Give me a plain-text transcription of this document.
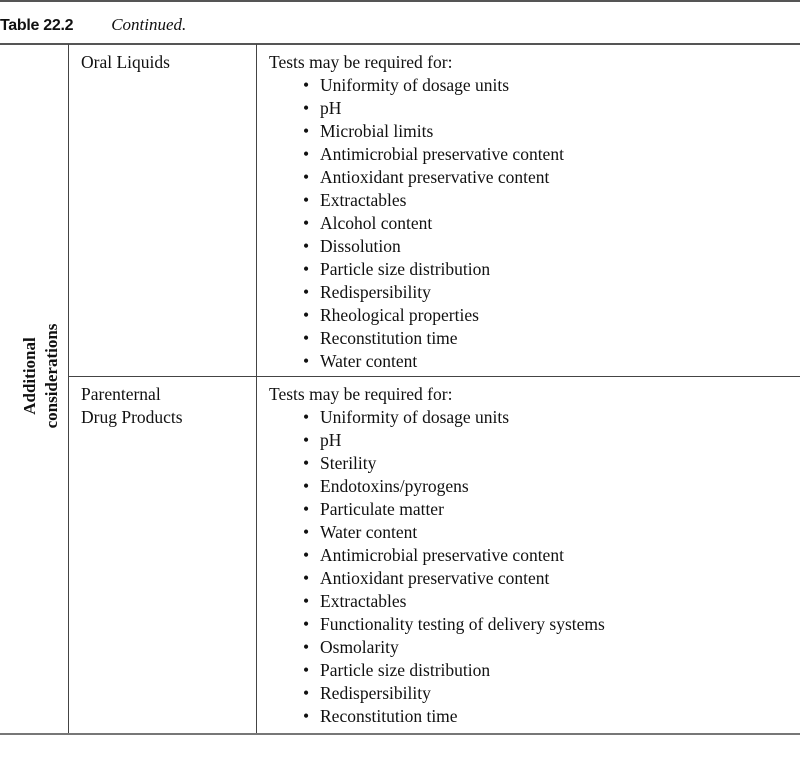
Table 22.2 Continued.
Additional considerations
Oral Liquids	Tests may be required for:
• Uniformity of dosage units
• pH
• Microbial limits
• Antimicrobial preservative content
• Antioxidant preservative content
• Extractables
• Alcohol content
• Dissolution
• Particle size distribution
• Redispersibility
• Rheological properties
• Reconstitution time
• Water content
Parenternal
Drug Products
Tests may be required for:
• Uniformity of dosage units
• pH
• Sterility
• Endotoxins/pyrogens
• Particulate matter
• Water content
• Antimicrobial preservative content
• Antioxidant preservative content
• Extractables
• Functionality testing of delivery systems
• Osmolarity
• Particle size distribution
• Redispersibility
• Reconstitution time
